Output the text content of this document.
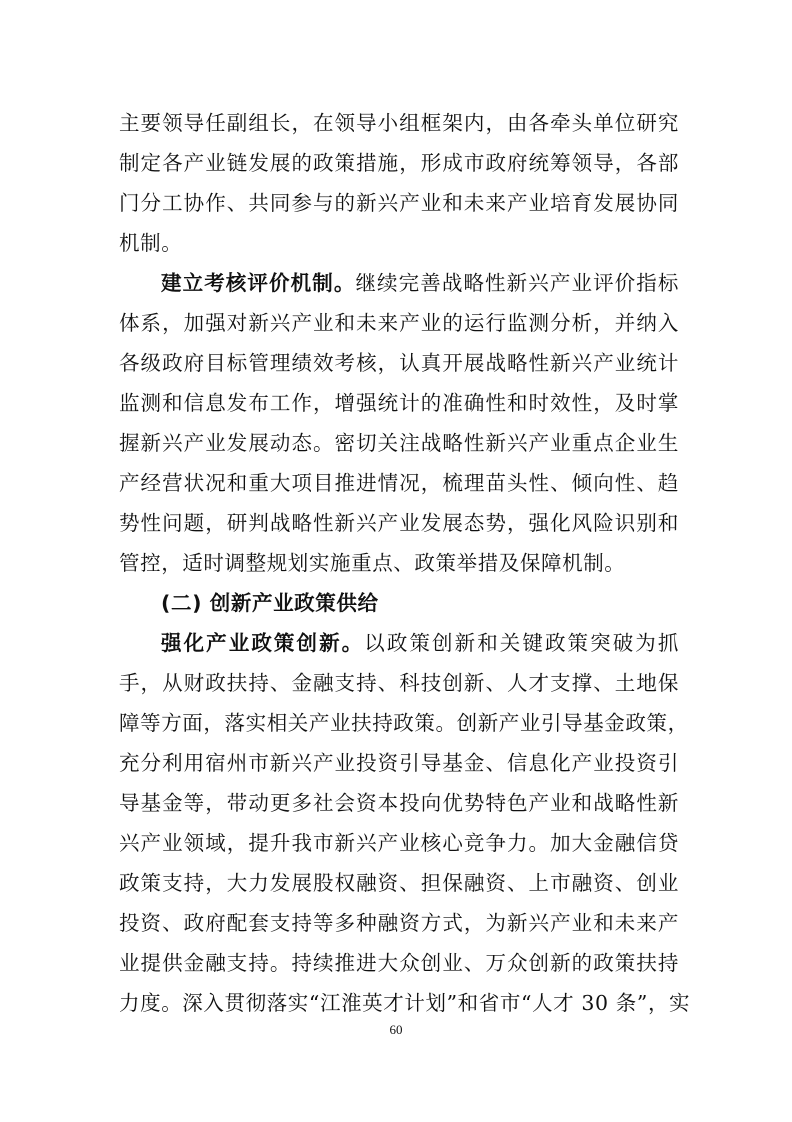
主要领导任副组长，在领导小组框架内，由各牵头单位研究
制定各产业链发展的政策措施，形成市政府统筹领导，各部
门分工协作、共同参与的新兴产业和未来产业培育发展协同
机制。
建立考核评价机制。继续完善战略性新兴产业评价指标
体系，加强对新兴产业和未来产业的运行监测分析，并纳入
各级政府目标管理绩效考核，认真开展战略性新兴产业统计
监测和信息发布工作，增强统计的准确性和时效性，及时掌
握新兴产业发展动态。密切关注战略性新兴产业重点企业生
产经营状况和重大项目推进情况，梳理苗头性、倾向性、趋
势性问题，研判战略性新兴产业发展态势，强化风险识别和
管控，适时调整规划实施重点、政策举措及保障机制。
(二) 创新产业政策供给
强化产业政策创新。以政策创新和关键政策突破为抓
手，从财政扶持、金融支持、科技创新、人才支撑、土地保
障等方面，落实相关产业扶持政策。创新产业引导基金政策，
充分利用宿州市新兴产业投资引导基金、信息化产业投资引
导基金等，带动更多社会资本投向优势特色产业和战略性新
兴产业领域，提升我市新兴产业核心竞争力。加大金融信贷
政策支持，大力发展股权融资、担保融资、上市融资、创业
投资、政府配套支持等多种融资方式，为新兴产业和未来产
业提供金融支持。持续推进大众创业、万众创新的政策扶持
力度。深入贯彻落实“江淮英才计划”和省市“人才 30 条”，实
60
